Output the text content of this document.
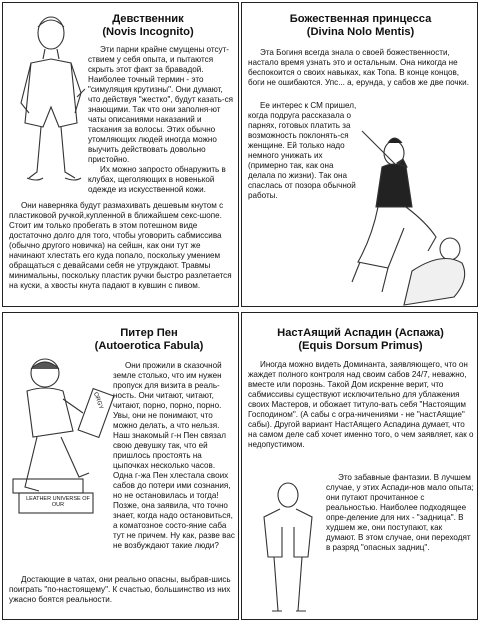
Девственник
(Novis Incognito)

Эти парни крайне смущены отсут-ствием у себя опыта, и пытаются скрыть этот факт за бравадой. Наиболее точный термин - это "симуляция крутизны". Они думают, что действуя "жестко", будут казать-ся знающими. Так что они заполня-ют чаты описаниями наказаний и таскания за волосы. Этих обычно утомляющих людей иногда можно выучить действовать довольно пристойно.

Их можно запросто обнаружить в клубах, щеголяющих в новенькой одежде из искусственной кожи.

Они наверняка будут размахивать дешевым кнутом с пластиковой ручкой,купленной в ближайшем секс-шопе. Стоит им только пробегать в этом потешном виде достаточно долго для того, чтобы уговорить сабмиссива (обычно другого новичка) на сейшн, как они тут же начинают хлестать его куда попало, поскольку умением обращаться с девайсами себя не утруждают. Травмы минимальны, поскольку пластик ручки быстро разлетается на куски, а хвосты кнута падают в кувшин с пивом.

Божественная принцесса
(Divina Nolo Mentis)

Эта Богиня всегда знала о своей божественности, настало время узнать это и остальным. Она никогда не беспокоится о своих навыках, как Топа. В конце концов, боги не ошибаются. Упс... а, ерунда, у сабов же две почки.

Ее интерес к СМ пришел, когда подруга рассказала о парнях, готовых платить за возможность поклонять-ся женщине. Ей только надо немного унижать их (примерно так, как она делала по жизни). Так она спаслась от позора обычной работы.

Питер Пен
(Autoerotica Fabula)
ORGY
LEATHER UNIVERSE OF OUR

Они прожили в сказочной земле столько, что им нужен пропуск для визита в реаль-ность. Они читают, читают, читают, порно, порно, порно. Увы, они не понимают, что можно делать, а что нельзя. Наш знакомый г-н Пен связал свою девушку так, что ей пришлось простоять на цыпочках несколько часов. Одна г-жа Пен хлестала своих сабов до потери ими сознания, но не остановилась и тогда! Позже, она заявила, что точно знает, когда надо остановиться, а коматозное состо-яние саба тут не причем. Ну как, разве вас не возбуждают такие люди?

Достающие в чатах, они реально опасны, выбрав-шись поиграть "по-настоящему". К счастью, большинство из них ужасно боятся реальности.

НастАящий Аспадин (Аспажа)
(Equis Dorsum Primus)

Иногда можно видеть Доминанта, заявляющего, что он жаждет полного контроля над своим сабов 24/7, неважно, вместе или порознь. Такой Дом искренне верит, что сабмиссивы существуют исключительно для ублажения своих Мастеров, и обожает титуло-вать себя "Настоящим Господином". (А сабы с огра-ничениями - не "настАящие" сабы). Другой вариант НастАящего Аспадина думает, что на самом деле саб хочет именно того, о чем заявляет, как о недопустимом.

Это забавные фантазии. В лучшем случае, у этих Аспади-нов мало опыта; они путают прочитанное с реальностью. Наиболее подходящее опре-деление для них - "задница". В худшем же, они поступают, как думают. В этом случае, они переходят в разряд "опасных задниц".
